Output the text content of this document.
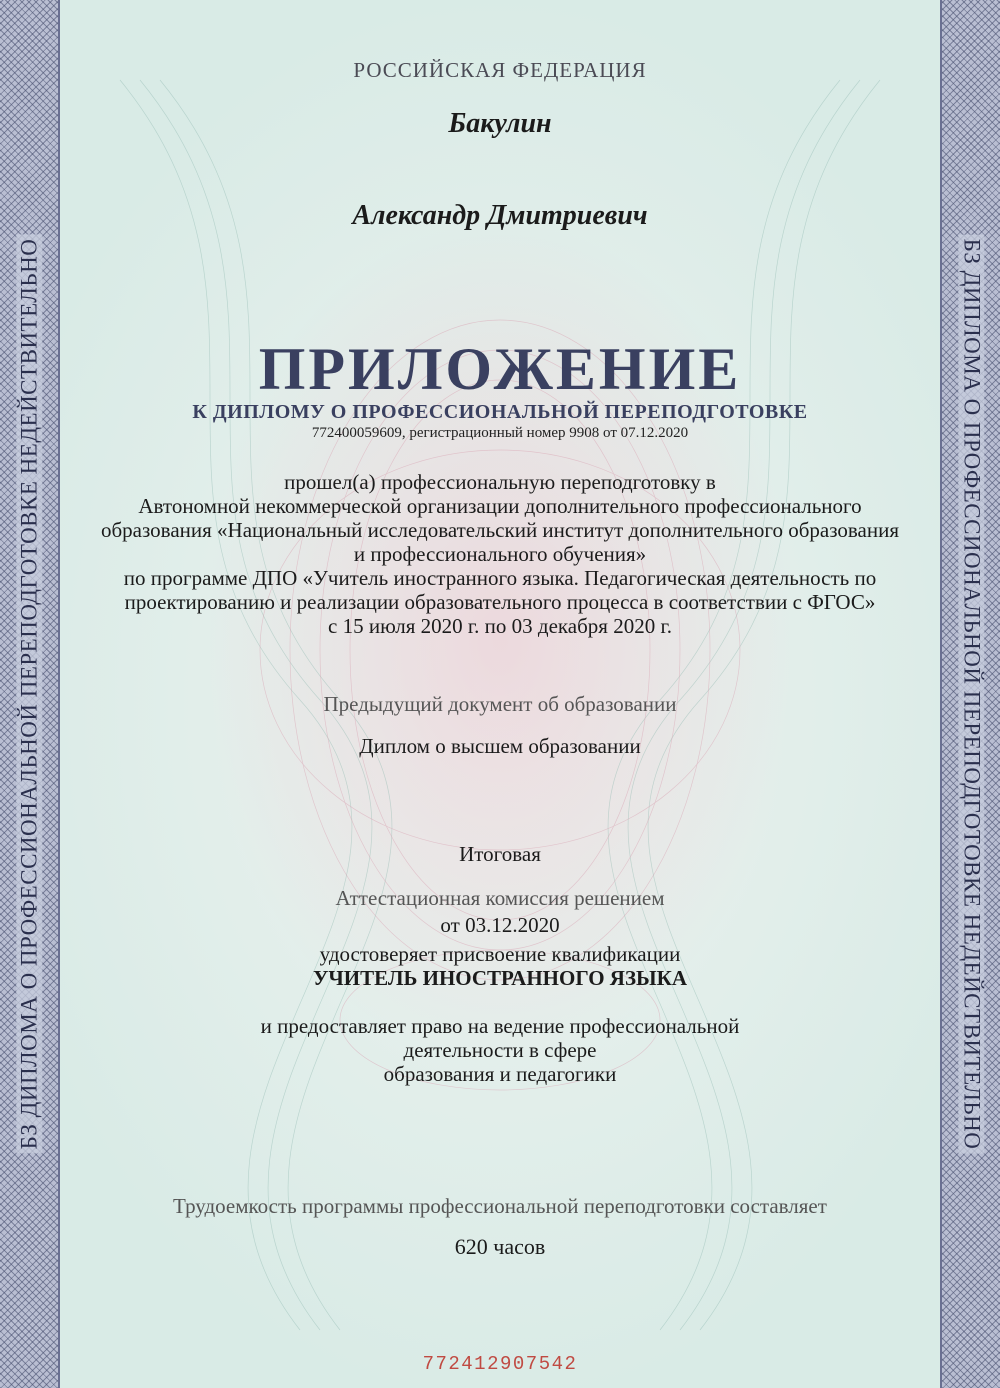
БЗ ДИПЛОМА О ПРОФЕССИОНАЛЬНОЙ ПЕРЕПОДГОТОВКЕ НЕДЕЙСТВИТЕЛЬНО	БЗ ДИПЛОМА О ПРОФЕССИОНАЛЬНОЙ ПЕРЕПОДГОТОВКЕ НЕДЕЙСТВИТЕЛЬНО

РОССИЙСКАЯ ФЕДЕРАЦИЯ

Бакулин

Александр Дмитриевич

ПРИЛОЖЕНИЕ

К ДИПЛОМУ О ПРОФЕССИОНАЛЬНОЙ ПЕРЕПОДГОТОВКЕ

772400059609, регистрационный номер 9908 от 07.12.2020

прошел(а) профессиональную переподготовку в
Автономной некоммерческой организации дополнительного профессионального
образования «Национальный исследовательский институт дополнительного образования
и профессионального обучения»
по программе ДПО «Учитель иностранного языка. Педагогическая деятельность по
проектированию и реализации образовательного процесса в соответствии с ФГОС»
с 15 июля 2020 г. по 03 декабря 2020 г.

Предыдущий документ об образовании

Диплом о высшем образовании

Итоговая

Аттестационная комиссия решением

от 03.12.2020

удостоверяет присвоение квалификации

УЧИТЕЛЬ ИНОСТРАННОГО ЯЗЫКА

и предоставляет право на ведение профессиональной
деятельности в сфере
образования и педагогики

Трудоемкость программы профессиональной переподготовки составляет

620 часов

772412907542
